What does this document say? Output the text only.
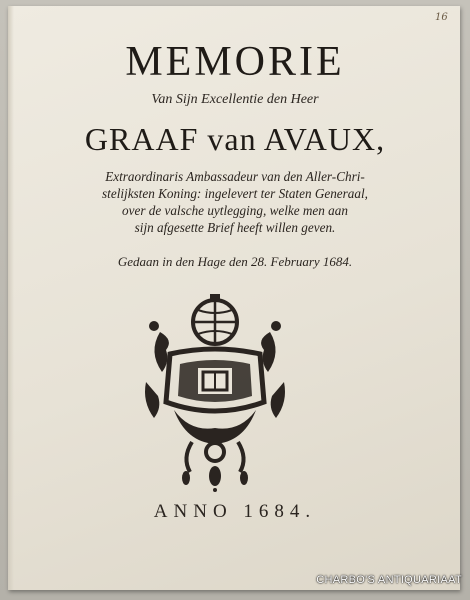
16
MEMORIE
Van Sijn Excellentie den Heer
GRAAF van AVAUX,
Extraordinaris Ambassadeur van den Aller-Chri-
stelijksten Koning: ingelevert ter Staten Generaal,
over de valsche uytlegging, welke men aan
sijn afgesette Brief heeft willen geven.
Gedaan in den Hage den 28. February 1684.
ANNO 1684.
CHARBO'S ANTIQUARIAAT
